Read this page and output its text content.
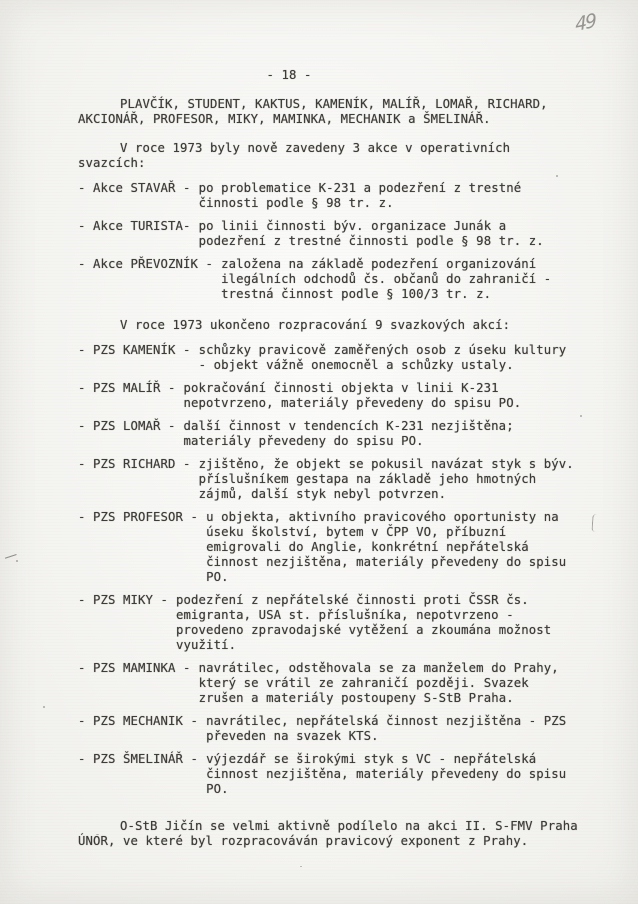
49
- 18 -

PLAVČÍK, STUDENT, KAKTUS, KAMENÍK, MALÍŘ, LOMAŘ, RICHARD, AKCIONÁŘ, PROFESOR, MIKY, MAMINKA, MECHANIK a ŠMELINÁŘ.

V roce 1973 byly nově zavedeny 3 akce v operativních svazcích:

- Akce STAVAŘ - po problematice K-231 a podezření z trestné činnosti podle § 98 tr. z.
- Akce TURISTA- po linii činnosti býv. organizace Junák a podezření z trestné činnosti podle § 98 tr. z.
- Akce PŘEVOZNÍK - založena na základě podezření organizování ilegálních odchodů čs. občanů do zahraničí - trestná činnost podle § 100/3 tr. z.

V roce 1973 ukončeno rozpracování 9 svazkových akcí:

- PZS KAMENÍK - schůzky pravicově zaměřených osob z úseku kultury - objekt vážně onemocněl a schůzky ustaly.
- PZS MALÍŘ - pokračování činnosti objekta v linii K-231 nepotvrzeno, materiály převedeny do spisu PO.
- PZS LOMAŘ - další činnost v tendencích K-231 nezjištěna; materiály převedeny do spisu PO.
- PZS RICHARD - zjištěno, že objekt se pokusil navázat styk s býv. příslušníkem gestapa na základě jeho hmotných zájmů, další styk nebyl potvrzen.
- PZS PROFESOR - u objekta, aktivního pravicového oportunisty na úseku školství, bytem v ČPP VO, příbuzní emigrovali do Anglie, konkrétní nepřátelská činnost nezjištěna, materiály převedeny do spisu PO.
- PZS MIKY - podezření z nepřátelské činnosti proti ČSSR čs. emigranta, USA st. příslušníka, nepotvrzeno - provedeno zpravodajské vytěžení a zkoumána možnost využití.
- PZS MAMINKA - navrátilec, odstěhovala se za manželem do Prahy, který se vrátil ze zahraničí později. Svazek zrušen a materiály postoupeny S-StB Praha.
- PZS MECHANIK - navrátilec, nepřátelská činnost nezjištěna - PZS převeden na svazek KTS.
- PZS ŠMELINÁŘ - výjezdář se širokými styk s VC - nepřátelská činnost nezjištěna, materiály převedeny do spisu PO.

O-StB Jičín se velmi aktivně podílelo na akci II. S-FMV Praha ÚNOR, ve které byl rozpracováván pravicový exponent z Prahy.
